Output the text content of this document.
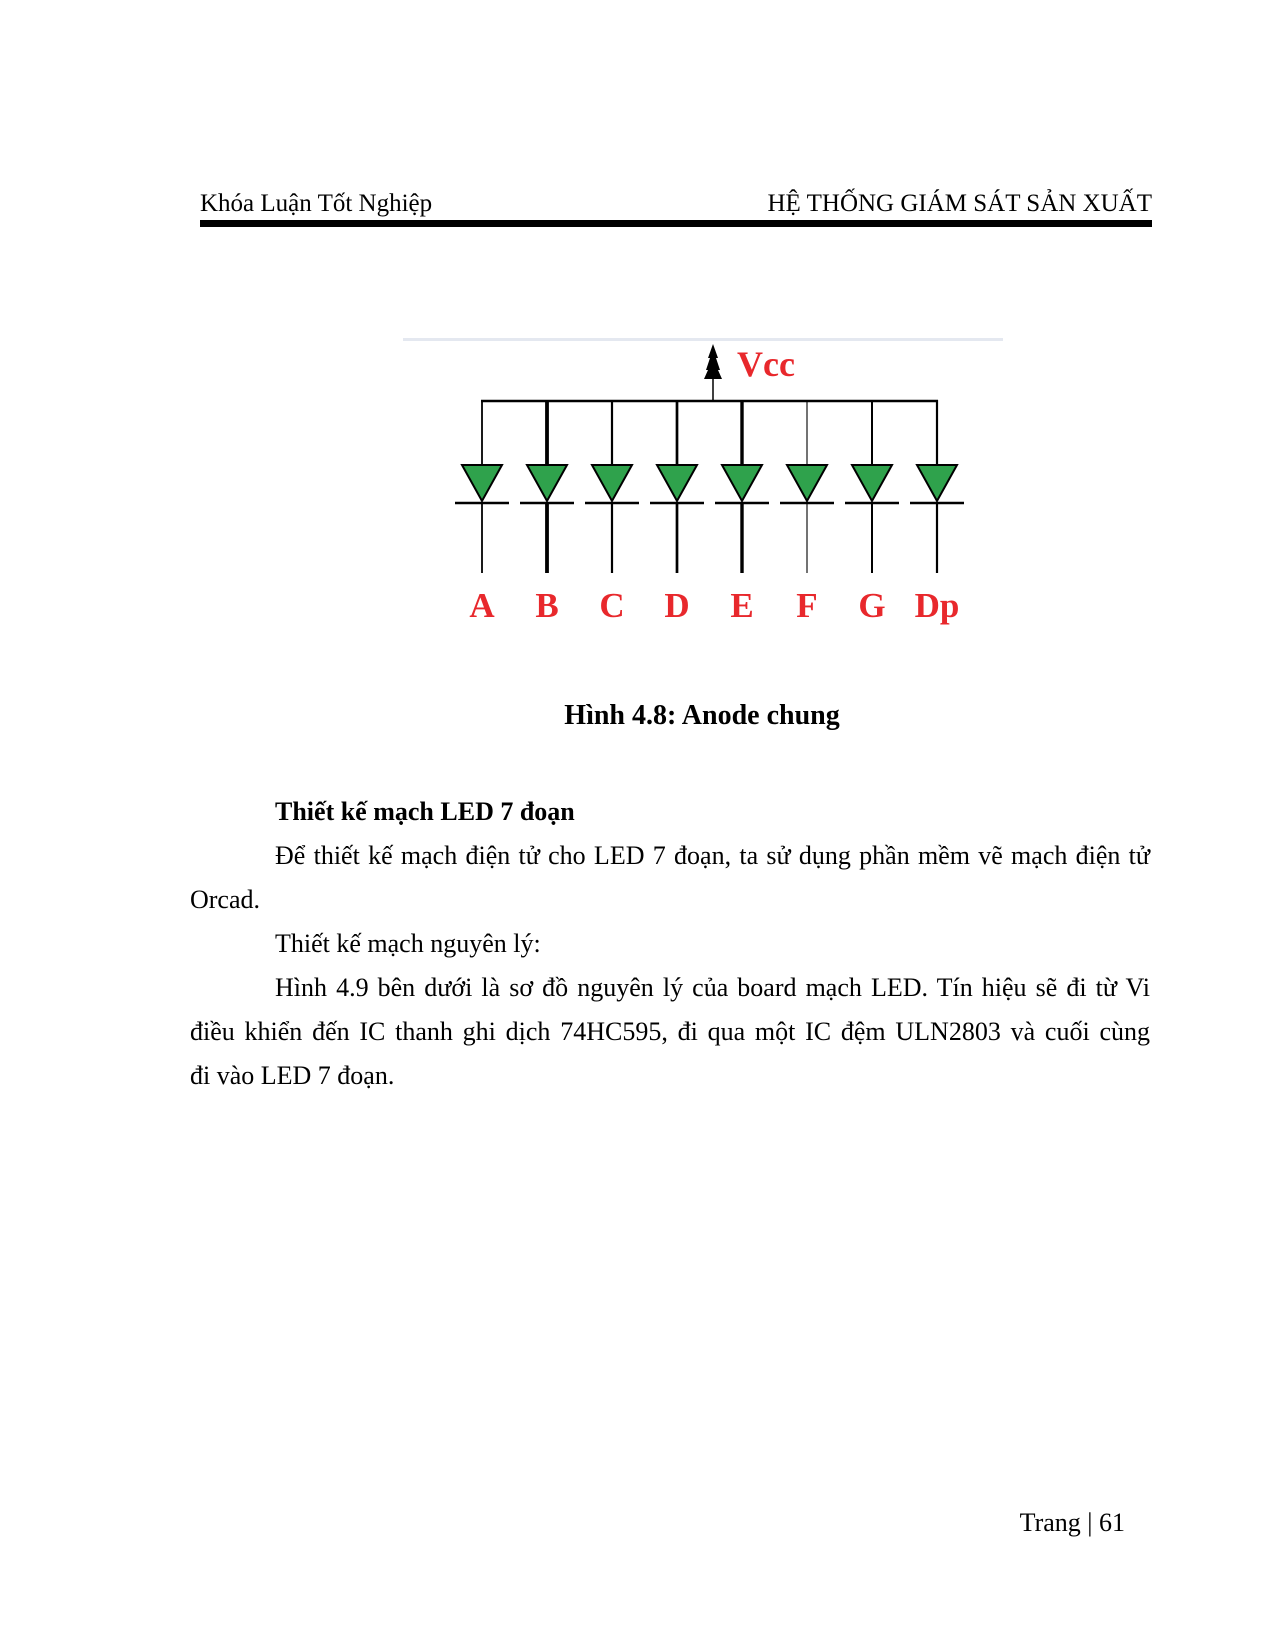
Khóa Luận Tốt Nghiệp	HỆ THỐNG GIÁM SÁT SẢN XUẤT
Vcc
A B C D E F G Dp
Hình 4.8: Anode chung
Thiết kế mạch LED 7 đoạn
Để thiết kế mạch điện tử cho LED 7 đoạn, ta sử dụng phần mềm vẽ mạch điện tử
Orcad.
Thiết kế mạch nguyên lý:
Hình 4.9 bên dưới là sơ đồ nguyên lý của board mạch LED. Tín hiệu sẽ đi từ Vi
điều khiển đến IC thanh ghi dịch 74HC595, đi qua một IC đệm ULN2803 và cuối cùng
đi vào LED 7 đoạn.
Trang | 61
